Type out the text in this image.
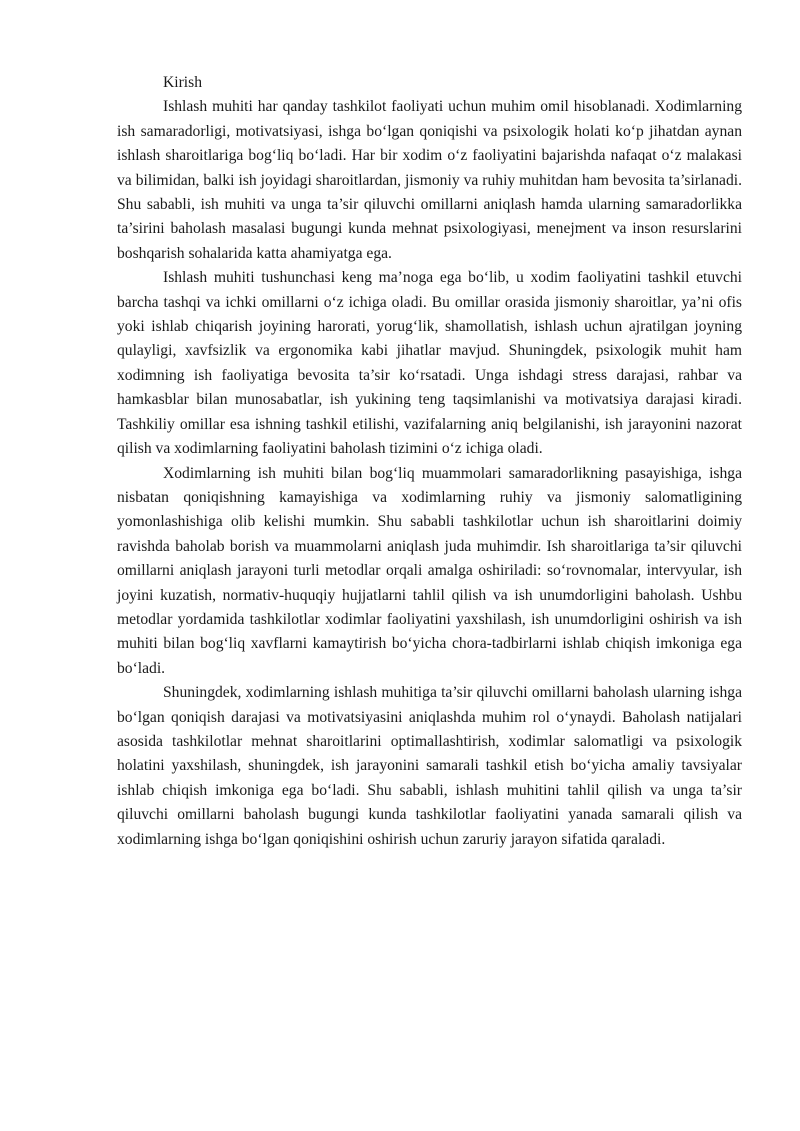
Kirish

Ishlash muhiti har qanday tashkilot faoliyati uchun muhim omil hisoblanadi. Xodimlarning ish samaradorligi, motivatsiyasi, ishga bo‘lgan qoniqishi va psixologik holati ko‘p jihatdan aynan ishlash sharoitlariga bog‘liq bo‘ladi. Har bir xodim o‘z faoliyatini bajarishda nafaqat o‘z malakasi va bilimidan, balki ish joyidagi sharoitlardan, jismoniy va ruhiy muhitdan ham bevosita ta’sirlanadi. Shu sababli, ish muhiti va unga ta’sir qiluvchi omillarni aniqlash hamda ularning samaradorlikka ta’sirini baholash masalasi bugungi kunda mehnat psixologiyasi, menejment va inson resurslarini boshqarish sohalarida katta ahamiyatga ega.

Ishlash muhiti tushunchasi keng ma’noga ega bo‘lib, u xodim faoliyatini tashkil etuvchi barcha tashqi va ichki omillarni o‘z ichiga oladi. Bu omillar orasida jismoniy sharoitlar, ya’ni ofis yoki ishlab chiqarish joyining harorati, yorug‘lik, shamollatish, ishlash uchun ajratilgan joyning qulayligi, xavfsizlik va ergonomika kabi jihatlar mavjud. Shuningdek, psixologik muhit ham xodimning ish faoliyatiga bevosita ta’sir ko‘rsatadi. Unga ishdagi stress darajasi, rahbar va hamkasblar bilan munosabatlar, ish yukining teng taqsimlanishi va motivatsiya darajasi kiradi. Tashkiliy omillar esa ishning tashkil etilishi, vazifalarning aniq belgilanishi, ish jarayonini nazorat qilish va xodimlarning faoliyatini baholash tizimini o‘z ichiga oladi.

Xodimlarning ish muhiti bilan bog‘liq muammolari samaradorlikning pasayishiga, ishga nisbatan qoniqishning kamayishiga va xodimlarning ruhiy va jismoniy salomatligining yomonlashishiga olib kelishi mumkin. Shu sababli tashkilotlar uchun ish sharoitlarini doimiy ravishda baholab borish va muammolarni aniqlash juda muhimdir. Ish sharoitlariga ta’sir qiluvchi omillarni aniqlash jarayoni turli metodlar orqali amalga oshiriladi: so‘rovnomalar, intervyular, ish joyini kuzatish, normativ-huquqiy hujjatlarni tahlil qilish va ish unumdorligini baholash. Ushbu metodlar yordamida tashkilotlar xodimlar faoliyatini yaxshilash, ish unumdorligini oshirish va ish muhiti bilan bog‘liq xavflarni kamaytirish bo‘yicha chora-tadbirlarni ishlab chiqish imkoniga ega bo‘ladi.

Shuningdek, xodimlarning ishlash muhitiga ta’sir qiluvchi omillarni baholash ularning ishga bo‘lgan qoniqish darajasi va motivatsiyasini aniqlashda muhim rol o‘ynaydi. Baholash natijalari asosida tashkilotlar mehnat sharoitlarini optimallashtirish, xodimlar salomatligi va psixologik holatini yaxshilash, shuningdek, ish jarayonini samarali tashkil etish bo‘yicha amaliy tavsiyalar ishlab chiqish imkoniga ega bo‘ladi. Shu sababli, ishlash muhitini tahlil qilish va unga ta’sir qiluvchi omillarni baholash bugungi kunda tashkilotlar faoliyatini yanada samarali qilish va xodimlarning ishga bo‘lgan qoniqishini oshirish uchun zaruriy jarayon sifatida qaraladi.
